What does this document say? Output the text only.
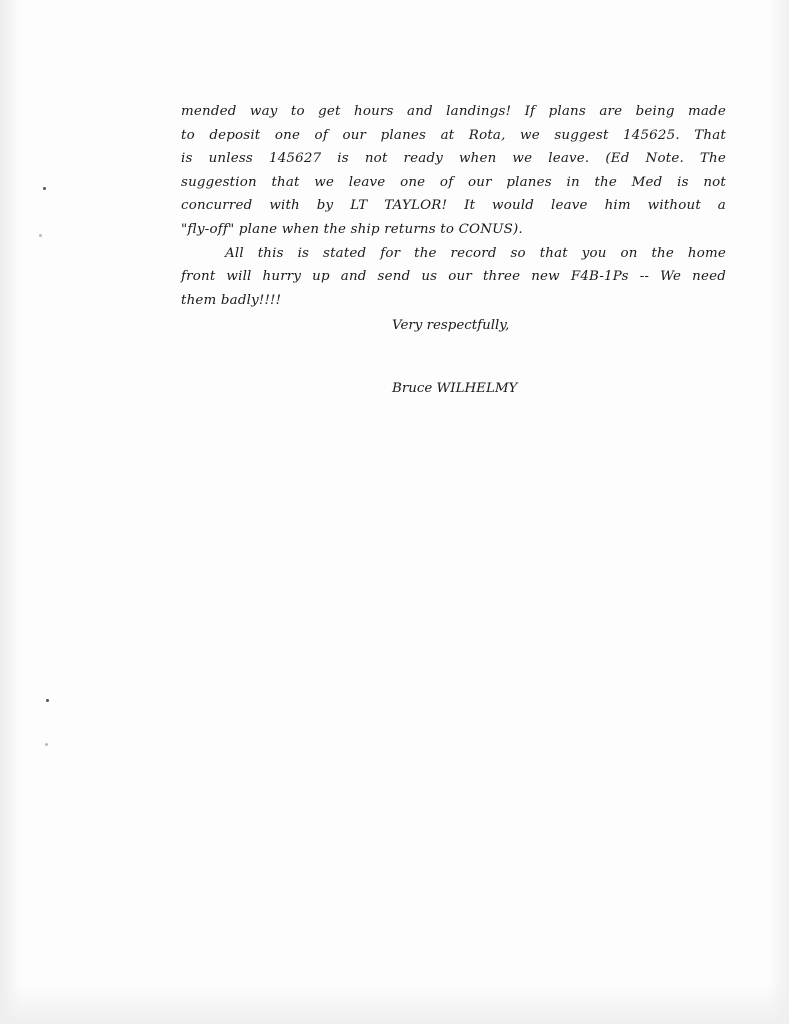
mended way to get hours and landings! If plans are being made
to deposit one of our planes at Rota, we suggest 145625. That
is unless 145627 is not ready when we leave. (Ed Note. The
suggestion that we leave one of our planes in the Med is not
concurred with by LT TAYLOR! It would leave him without a
"fly-off" plane when the ship returns to CONUS).
All this is stated for the record so that you on the home
front will hurry up and send us our three new F4B-1Ps -- We need
them badly!!!!
Very respectfully,
Bruce WILHELMY
